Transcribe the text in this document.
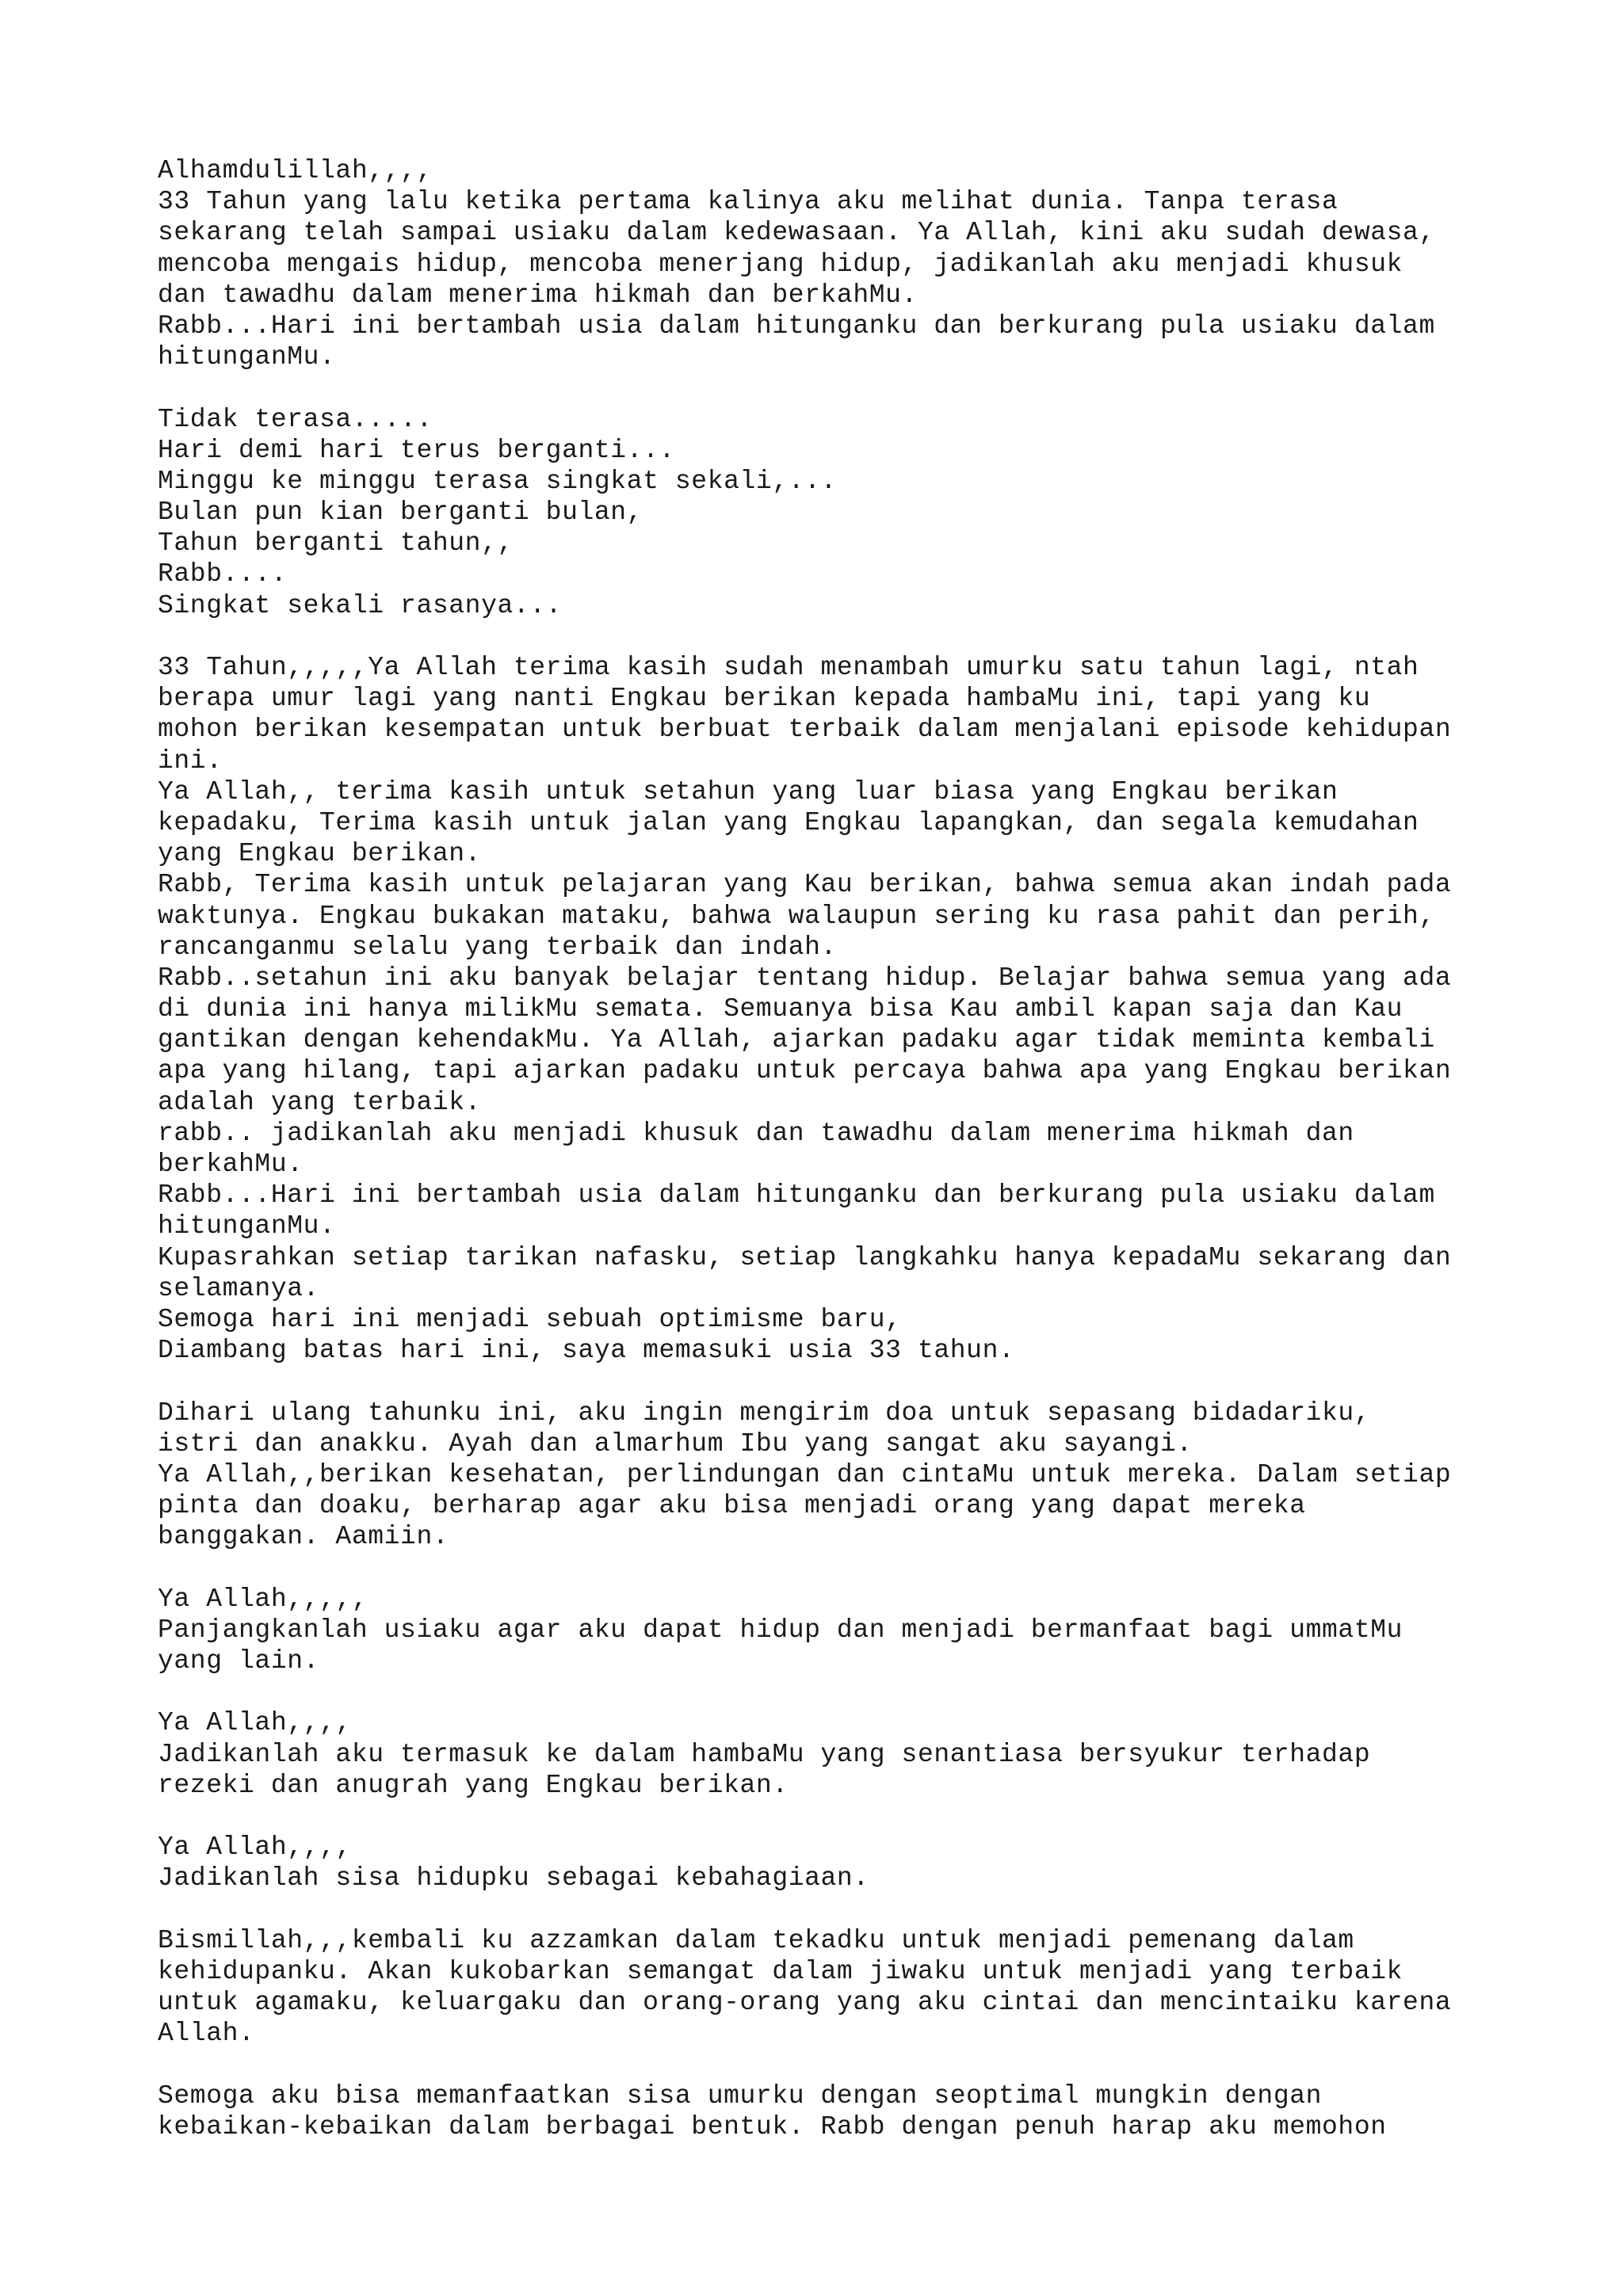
Alhamdulillah,,,,
33 Tahun yang lalu ketika pertama kalinya aku melihat dunia. Tanpa terasa
sekarang telah sampai usiaku dalam kedewasaan. Ya Allah, kini aku sudah dewasa,
mencoba mengais hidup, mencoba menerjang hidup, jadikanlah aku menjadi khusuk
dan tawadhu dalam menerima hikmah dan berkahMu.
Rabb...Hari ini bertambah usia dalam hitunganku dan berkurang pula usiaku dalam
hitunganMu.
Tidak terasa.....
Hari demi hari terus berganti...
Minggu ke minggu terasa singkat sekali,...
Bulan pun kian berganti bulan,
Tahun berganti tahun,,
Rabb....
Singkat sekali rasanya...
33 Tahun,,,,,Ya Allah terima kasih sudah menambah umurku satu tahun lagi, ntah
berapa umur lagi yang nanti Engkau berikan kepada hambaMu ini, tapi yang ku
mohon berikan kesempatan untuk berbuat terbaik dalam menjalani episode kehidupan
ini.
Ya Allah,, terima kasih untuk setahun yang luar biasa yang Engkau berikan
kepadaku, Terima kasih untuk jalan yang Engkau lapangkan, dan segala kemudahan
yang Engkau berikan.
Rabb, Terima kasih untuk pelajaran yang Kau berikan, bahwa semua akan indah pada
waktunya. Engkau bukakan mataku, bahwa walaupun sering ku rasa pahit dan perih,
rancanganmu selalu yang terbaik dan indah.
Rabb..setahun ini aku banyak belajar tentang hidup. Belajar bahwa semua yang ada
di dunia ini hanya milikMu semata. Semuanya bisa Kau ambil kapan saja dan Kau
gantikan dengan kehendakMu. Ya Allah, ajarkan padaku agar tidak meminta kembali
apa yang hilang, tapi ajarkan padaku untuk percaya bahwa apa yang Engkau berikan
adalah yang terbaik.
rabb.. jadikanlah aku menjadi khusuk dan tawadhu dalam menerima hikmah dan
berkahMu.
Rabb...Hari ini bertambah usia dalam hitunganku dan berkurang pula usiaku dalam
hitunganMu.
Kupasrahkan setiap tarikan nafasku, setiap langkahku hanya kepadaMu sekarang dan
selamanya.
Semoga hari ini menjadi sebuah optimisme baru,
Diambang batas hari ini, saya memasuki usia 33 tahun.
Dihari ulang tahunku ini, aku ingin mengirim doa untuk sepasang bidadariku,
istri dan anakku. Ayah dan almarhum Ibu yang sangat aku sayangi.
Ya Allah,,berikan kesehatan, perlindungan dan cintaMu untuk mereka. Dalam setiap
pinta dan doaku, berharap agar aku bisa menjadi orang yang dapat mereka
banggakan. Aamiin.
Ya Allah,,,,,
Panjangkanlah usiaku agar aku dapat hidup dan menjadi bermanfaat bagi ummatMu
yang lain.
Ya Allah,,,,
Jadikanlah aku termasuk ke dalam hambaMu yang senantiasa bersyukur terhadap
rezeki dan anugrah yang Engkau berikan.
Ya Allah,,,,
Jadikanlah sisa hidupku sebagai kebahagiaan.
Bismillah,,,kembali ku azzamkan dalam tekadku untuk menjadi pemenang dalam
kehidupanku. Akan kukobarkan semangat dalam jiwaku untuk menjadi yang terbaik
untuk agamaku, keluargaku dan orang-orang yang aku cintai dan mencintaiku karena
Allah.
Semoga aku bisa memanfaatkan sisa umurku dengan seoptimal mungkin dengan
kebaikan-kebaikan dalam berbagai bentuk. Rabb dengan penuh harap aku memohon
